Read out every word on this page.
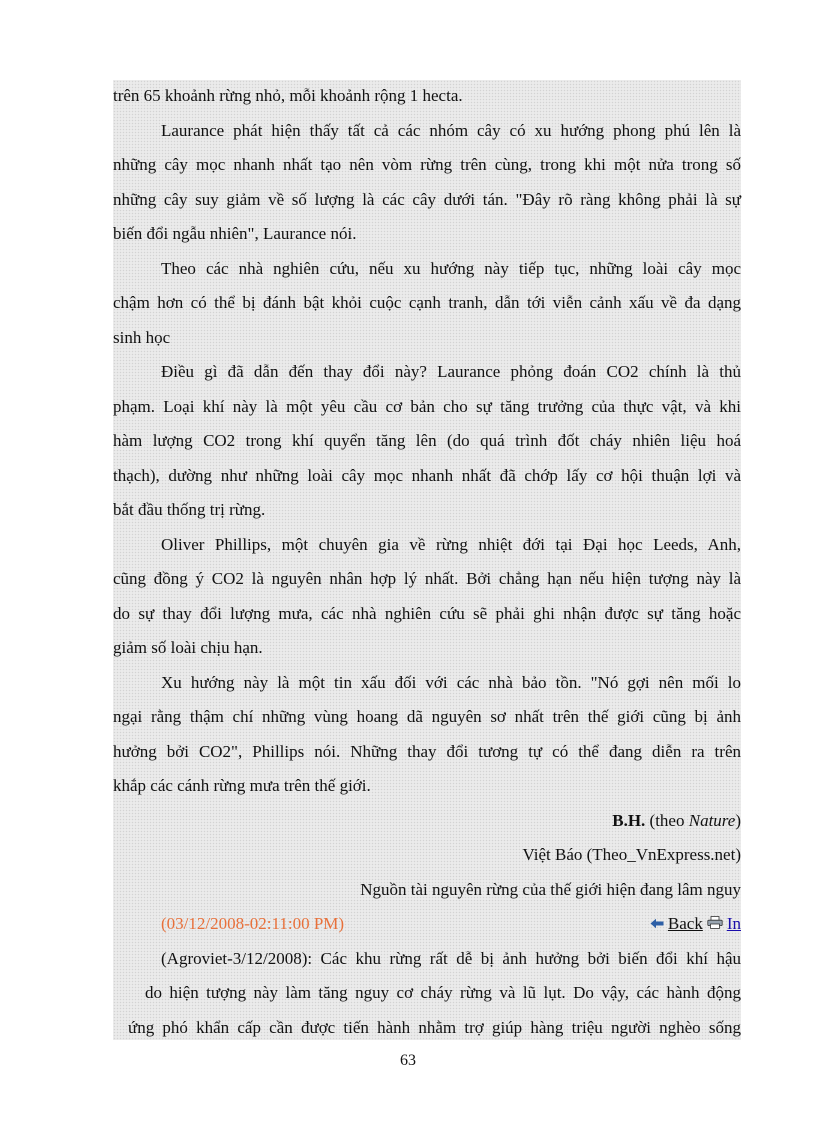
trên 65 khoảnh rừng nhỏ, mỗi khoảnh rộng 1 hecta.
Laurance phát hiện thấy tất cả các nhóm cây có xu hướng phong phú lên là
những cây mọc nhanh nhất tạo nên vòm rừng trên cùng, trong khi một nửa trong số
những cây suy giảm về số lượng là các cây dưới tán. "Đây rõ ràng không phải là sự
biến đổi ngẫu nhiên", Laurance nói.
Theo các nhà nghiên cứu, nếu xu hướng này tiếp tục, những loài cây mọc
chậm hơn có thể bị đánh bật khỏi cuộc cạnh tranh, dẫn tới viễn cảnh xấu về đa dạng
sinh học
Điều gì đã dẫn đến thay đổi này? Laurance phỏng đoán CO2 chính là thủ
phạm. Loại khí này là một yêu cầu cơ bản cho sự tăng trưởng của thực vật, và khi
hàm lượng CO2 trong khí quyển tăng lên (do quá trình đốt cháy nhiên liệu hoá
thạch), dường như những loài cây mọc nhanh nhất đã chớp lấy cơ hội thuận lợi và
bắt đầu thống trị rừng.
Oliver Phillips, một chuyên gia về rừng nhiệt đới tại Đại học Leeds, Anh,
cũng đồng ý CO2 là nguyên nhân hợp lý nhất. Bởi chẳng hạn nếu hiện tượng này là
do sự thay đổi lượng mưa, các nhà nghiên cứu sẽ phải ghi nhận được sự tăng hoặc
giảm số loài chịu hạn.
Xu hướng này là một tin xấu đối với các nhà bảo tồn. "Nó gợi nên mối lo
ngại rằng thậm chí những vùng hoang dã nguyên sơ nhất trên thế giới cũng bị ảnh
hưởng bởi CO2", Phillips nói. Những thay đổi tương tự có thể đang diễn ra trên
khắp các cánh rừng mưa trên thế giới.
B.H. (theo Nature)
Việt Báo (Theo_VnExpress.net)
Nguồn tài nguyên rừng của thế giới hiện đang lâm nguy
(03/12/2008-02:11:00 PM)	Back In
(Agroviet-3/12/2008): Các khu rừng rất dễ bị ảnh hưởng bởi biến đổi khí hậu
do hiện tượng này làm tăng nguy cơ cháy rừng và lũ lụt. Do vậy, các hành động
ứng phó khẩn cấp cần được tiến hành nhằm trợ giúp hàng triệu người nghèo sống
63
